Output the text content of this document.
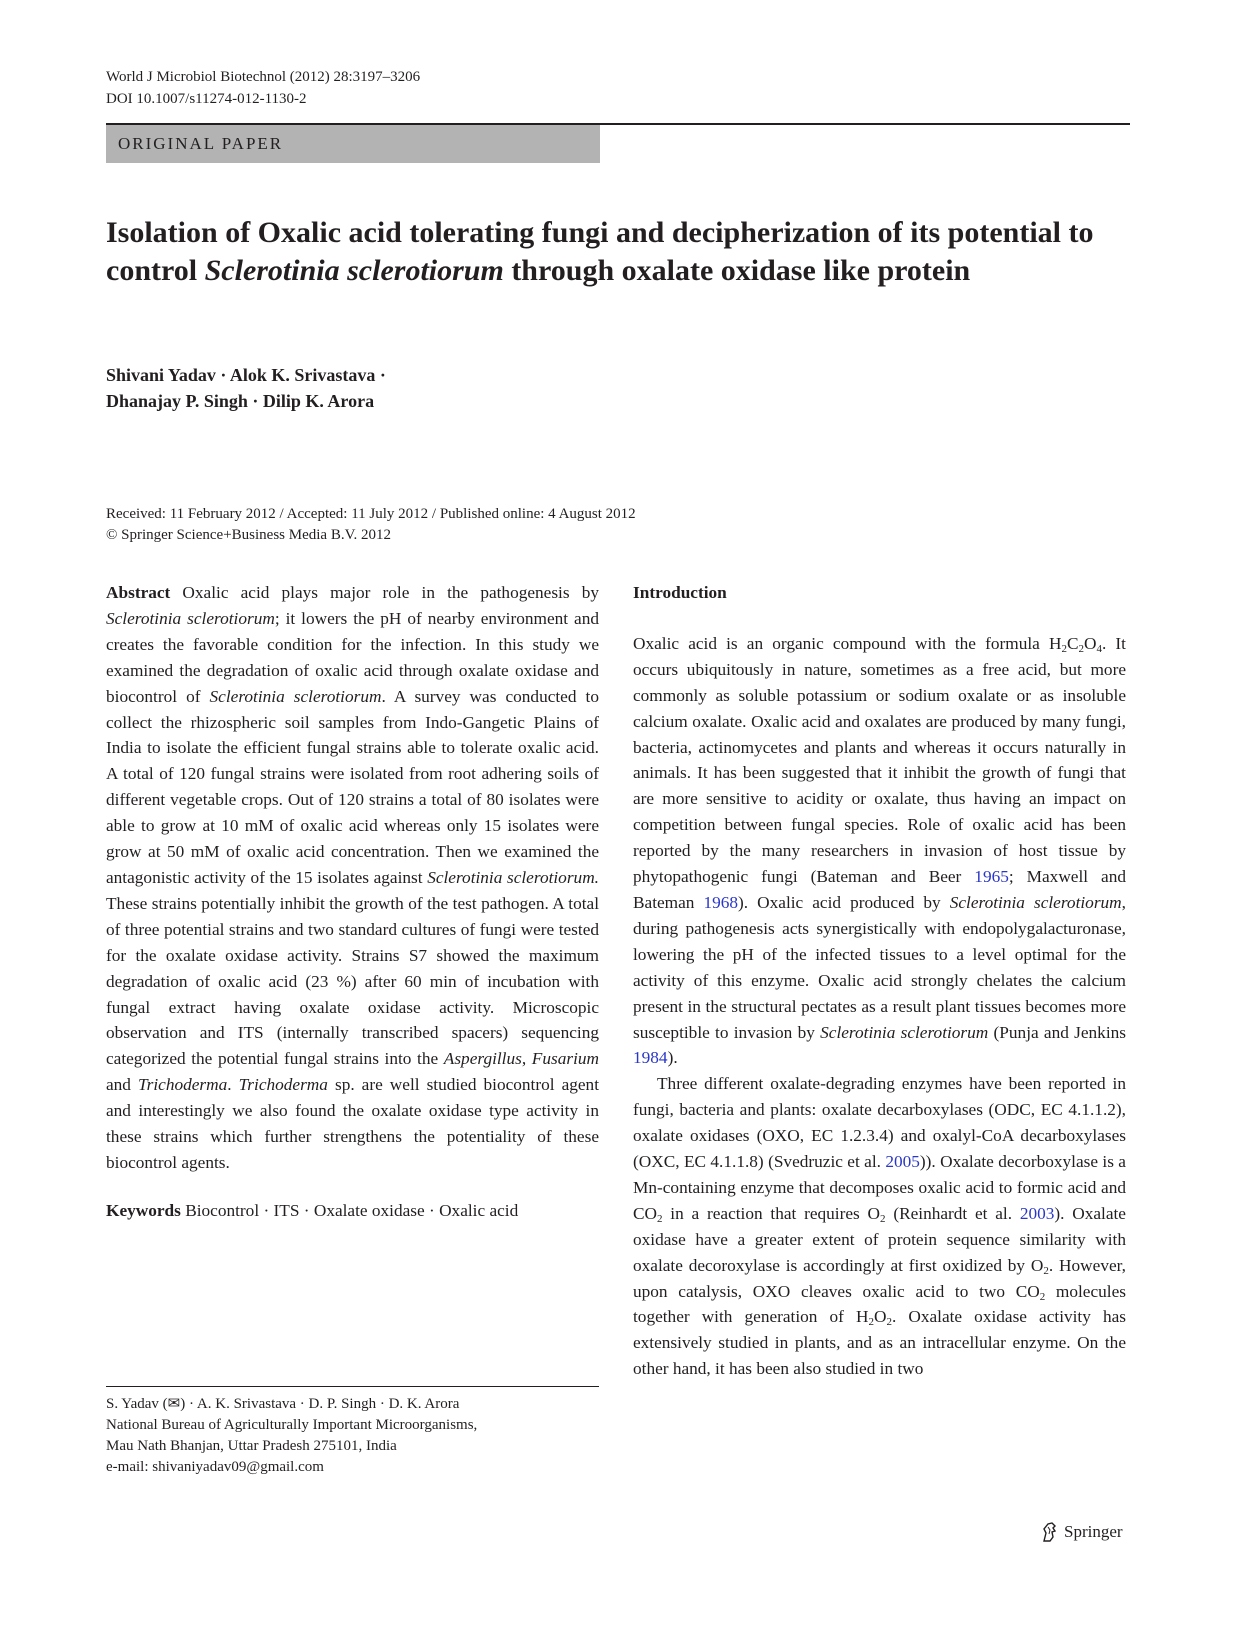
World J Microbiol Biotechnol (2012) 28:3197–3206
DOI 10.1007/s11274-012-1130-2
ORIGINAL PAPER
Isolation of Oxalic acid tolerating fungi and decipherization of its potential to control Sclerotinia sclerotiorum through oxalate oxidase like protein
Shivani Yadav · Alok K. Srivastava ·
Dhanajay P. Singh · Dilip K. Arora
Received: 11 February 2012 / Accepted: 11 July 2012 / Published online: 4 August 2012
© Springer Science+Business Media B.V. 2012

Abstract Oxalic acid plays major role in the pathogenesis by Sclerotinia sclerotiorum; it lowers the pH of nearby environment and creates the favorable condition for the infection. In this study we examined the degradation of oxalic acid through oxalate oxidase and biocontrol of Sclerotinia sclerotiorum. A survey was conducted to collect the rhizospheric soil samples from Indo-Gangetic Plains of India to isolate the efficient fungal strains able to tolerate oxalic acid. A total of 120 fungal strains were isolated from root adhering soils of different vegetable crops. Out of 120 strains a total of 80 isolates were able to grow at 10 mM of oxalic acid whereas only 15 isolates were grow at 50 mM of oxalic acid concentration. Then we examined the antagonistic activity of the 15 isolates against Sclerotinia sclerotiorum. These strains potentially inhibit the growth of the test pathogen. A total of three potential strains and two standard cultures of fungi were tested for the oxalate oxidase activity. Strains S7 showed the maximum degradation of oxalic acid (23 %) after 60 min of incubation with fungal extract having oxalate oxidase activity. Microscopic observation and ITS (internally transcribed spacers) sequencing categorized the potential fungal strains into the Aspergillus, Fusarium and Trichoderma. Trichoderma sp. are well studied biocontrol agent and interestingly we also found the oxalate oxidase type activity in these strains which further strengthens the potentiality of these biocontrol agents.

Keywords Biocontrol · ITS · Oxalate oxidase · Oxalic acid

S. Yadav (✉) · A. K. Srivastava · D. P. Singh · D. K. Arora
National Bureau of Agriculturally Important Microorganisms,
Mau Nath Bhanjan, Uttar Pradesh 275101, India
e-mail: shivaniyadav09@gmail.com

Introduction

Oxalic acid is an organic compound with the formula $H_2C_2O_4$. It occurs ubiquitously in nature, sometimes as a free acid, but more commonly as soluble potassium or sodium oxalate or as insoluble calcium oxalate. Oxalic acid and oxalates are produced by many fungi, bacteria, actinomycetes and plants and whereas it occurs naturally in animals. It has been suggested that it inhibit the growth of fungi that are more sensitive to acidity or oxalate, thus having an impact on competition between fungal species. Role of oxalic acid has been reported by the many researchers in invasion of host tissue by phytopathogenic fungi (Bateman and Beer 1965; Maxwell and Bateman 1968). Oxalic acid produced by Sclerotinia sclerotiorum, during pathogenesis acts synergistically with endopolygalacturonase, lowering the pH of the infected tissues to a level optimal for the activity of this enzyme. Oxalic acid strongly chelates the calcium present in the structural pectates as a result plant tissues becomes more susceptible to invasion by Sclerotinia sclerotiorum (Punja and Jenkins 1984).

Three different oxalate-degrading enzymes have been reported in fungi, bacteria and plants: oxalate decarboxylases (ODC, EC 4.1.1.2), oxalate oxidases (OXO, EC 1.2.3.4) and oxalyl-CoA decarboxylases (OXC, EC 4.1.1.8) (Svedruzic et al. 2005)). Oxalate decorboxylase is a Mn-containing enzyme that decomposes oxalic acid to formic acid and $CO_2$ in a reaction that requires $O_2$ (Reinhardt et al. 2003). Oxalate oxidase have a greater extent of protein sequence similarity with oxalate decoroxylase is accordingly at first oxidized by $O_2$. However, upon catalysis, OXO cleaves oxalic acid to two $CO_2$ molecules together with generation of $H_2O_2$. Oxalate oxidase activity has extensively studied in plants, and as an intracellular enzyme. On the other hand, it has been also studied in two

Springer
